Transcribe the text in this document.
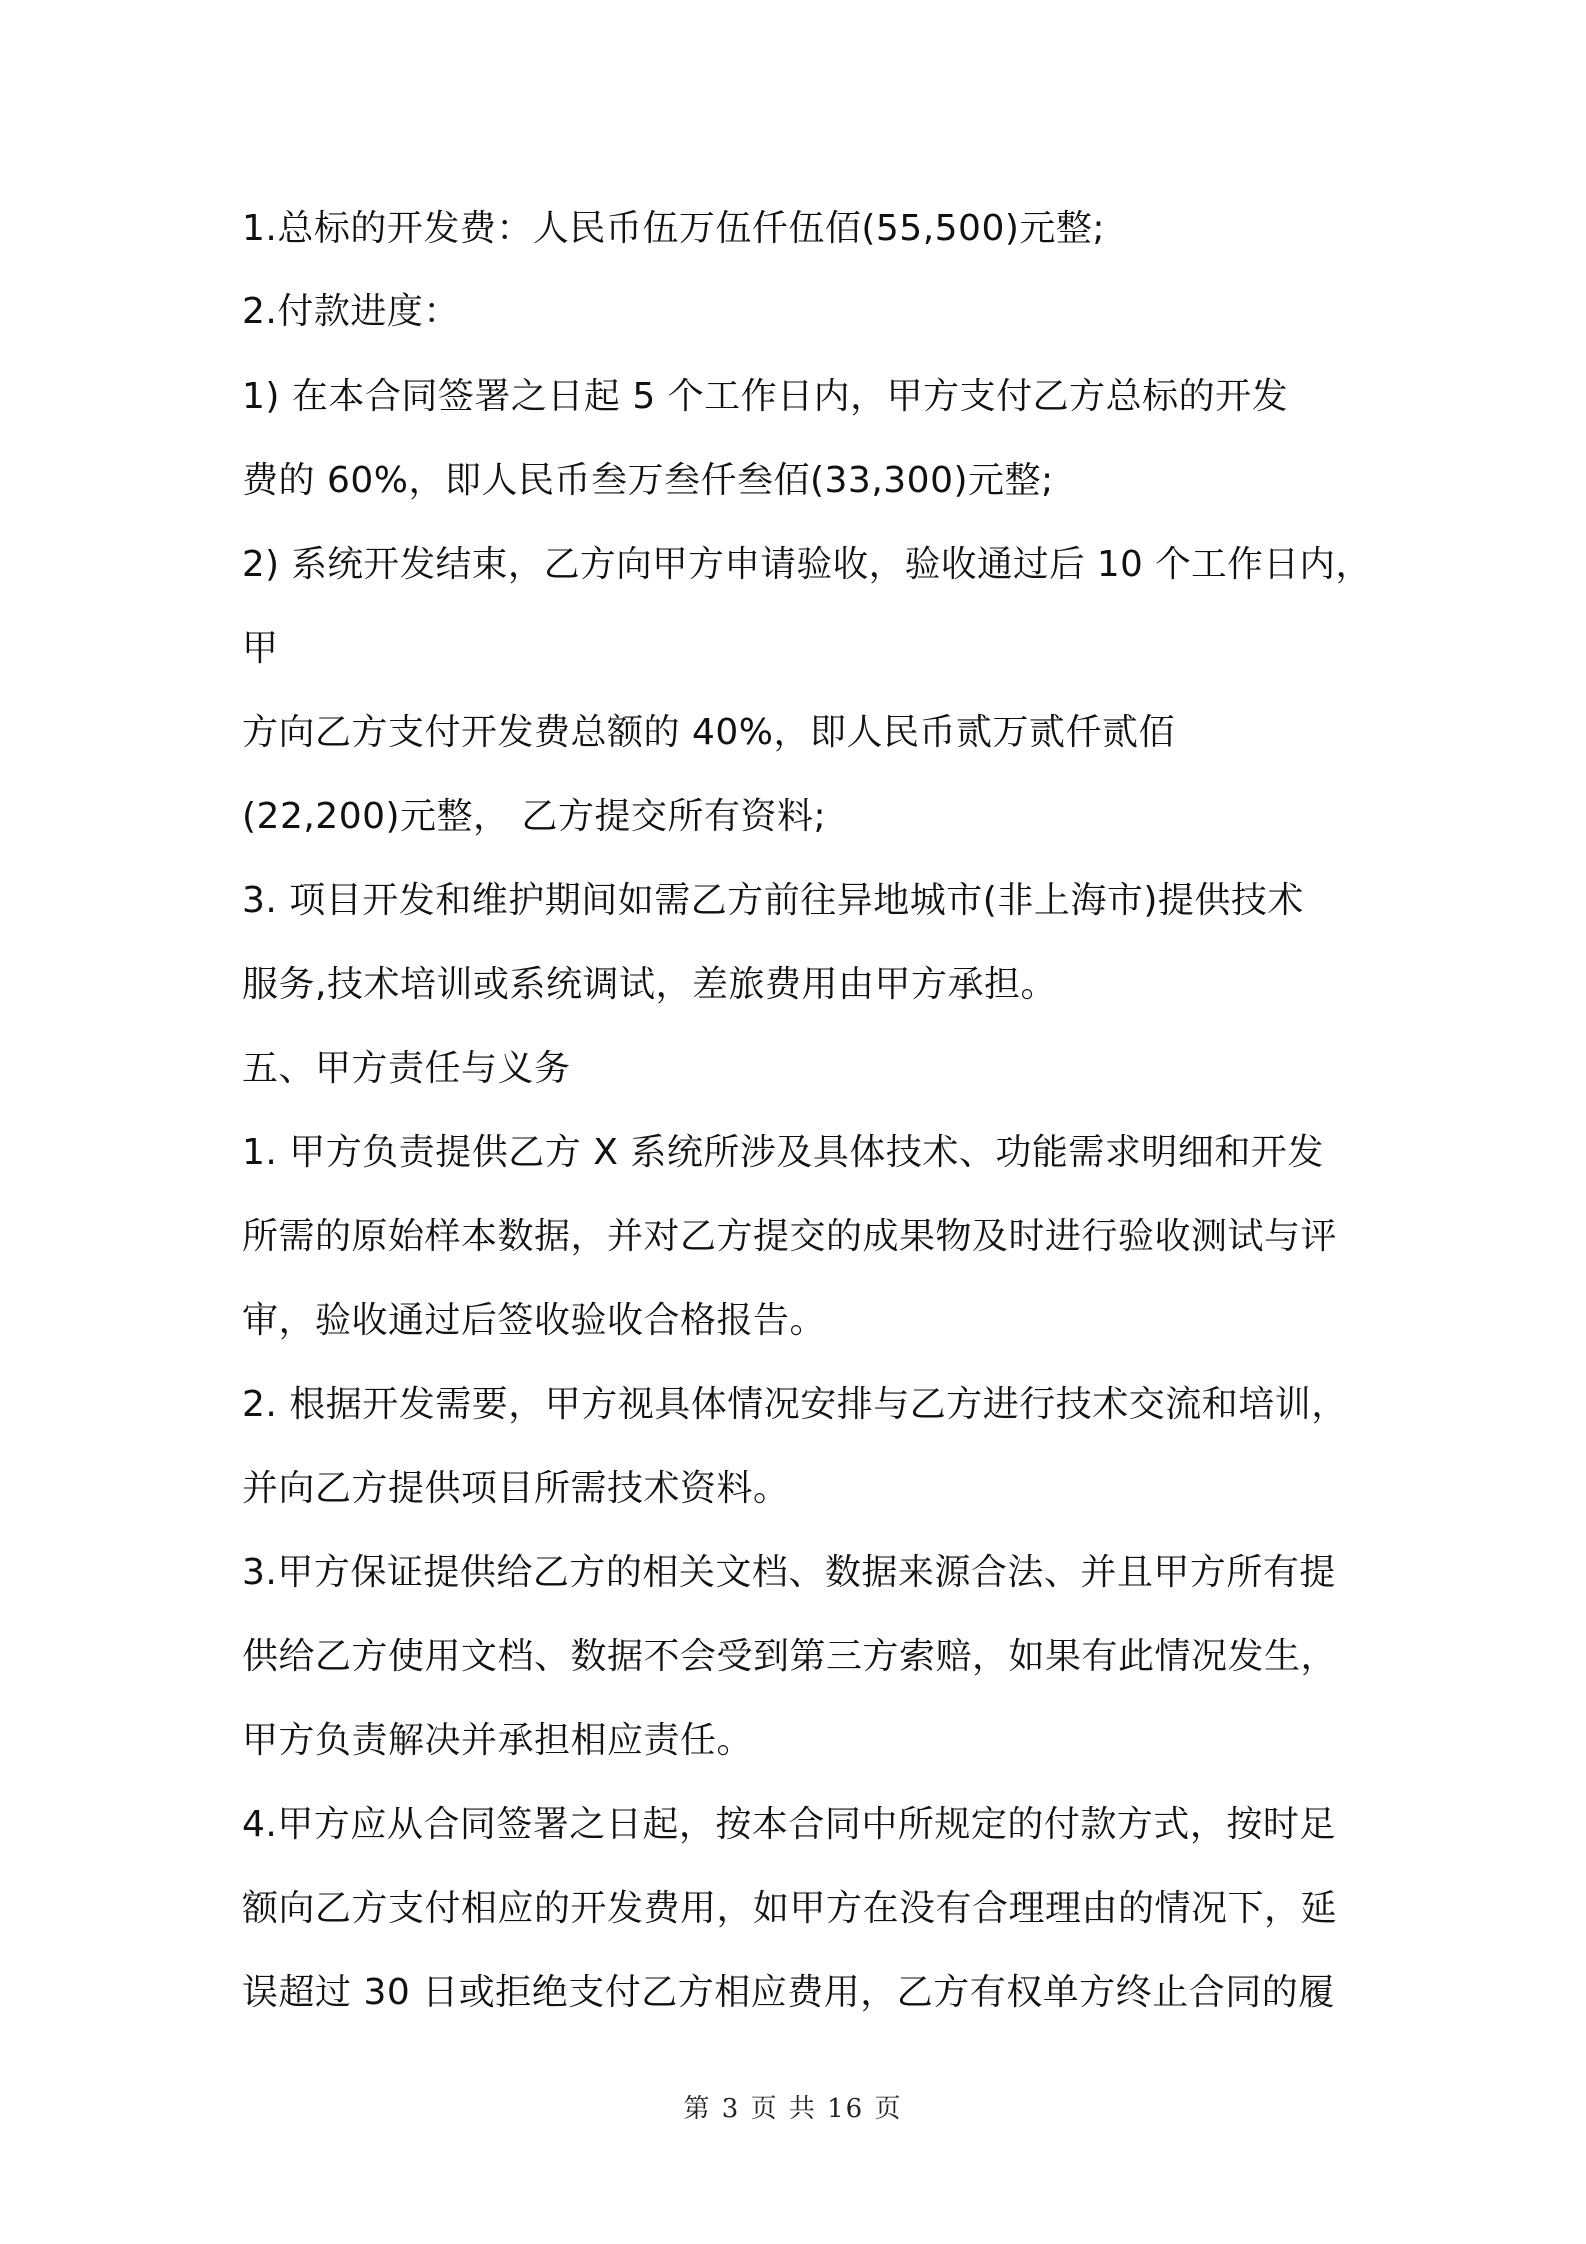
1.总标的开发费：人民币伍万伍仟伍佰(55,500)元整;
2.付款进度：
1) 在本合同签署之日起 5 个工作日内，甲方支付乙方总标的开发
费的 60%，即人民币叁万叁仟叁佰(33,300)元整;
2) 系统开发结束，乙方向甲方申请验收，验收通过后 10 个工作日内，
甲
方向乙方支付开发费总额的 40%，即人民币贰万贰仟贰佰
(22,200)元整， 乙方提交所有资料;
3. 项目开发和维护期间如需乙方前往异地城市(非上海市)提供技术
服务,技术培训或系统调试，差旅费用由甲方承担。
五、甲方责任与义务
1. 甲方负责提供乙方 X 系统所涉及具体技术、功能需求明细和开发
所需的原始样本数据，并对乙方提交的成果物及时进行验收测试与评
审，验收通过后签收验收合格报告。
2. 根据开发需要，甲方视具体情况安排与乙方进行技术交流和培训，
并向乙方提供项目所需技术资料。
3.甲方保证提供给乙方的相关文档、数据来源合法、并且甲方所有提
供给乙方使用文档、数据不会受到第三方索赔，如果有此情况发生，
甲方负责解决并承担相应责任。
4.甲方应从合同签署之日起，按本合同中所规定的付款方式，按时足
额向乙方支付相应的开发费用，如甲方在没有合理理由的情况下，延
误超过 30 日或拒绝支付乙方相应费用，乙方有权单方终止合同的履
第 3 页 共 16 页
